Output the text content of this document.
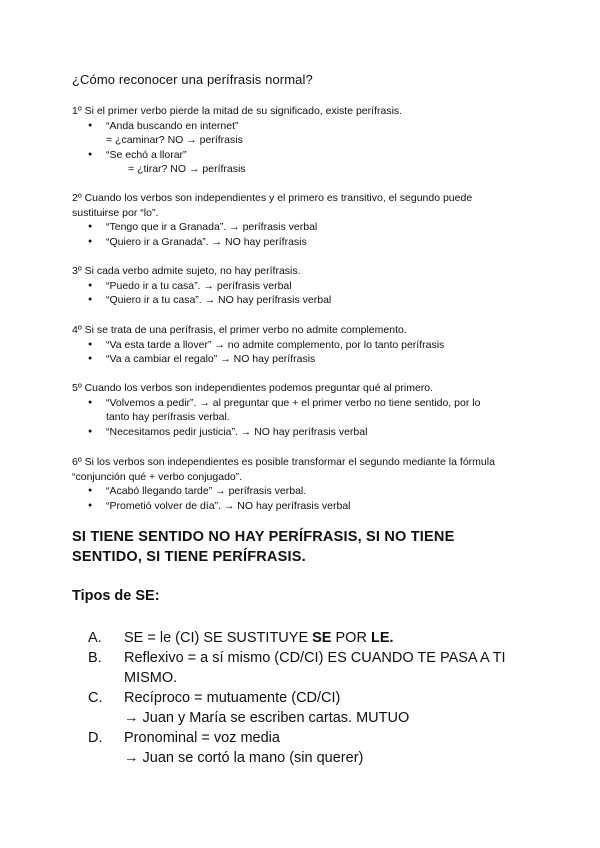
¿Cómo reconocer una perífrasis normal?

1º Si el primer verbo pierde la mitad de su significado, existe perífrasis.

● “Anda buscando en internet”
= ¿caminar? NO → perífrasis
● “Se echó a llorar”
= ¿tirar? NO → perífrasis

2º Cuando los verbos son independientes y el primero es transitivo, el segundo puede sustituirse por “lo”.

● “Tengo que ir a Granada”. → perífrasis verbal
● “Quiero ir a Granada”. → NO hay perífrasis

3º Si cada verbo admite sujeto, no hay perífrasis.

● “Puedo ir a tu casa”. → perífrasis verbal
● “Quiero ir a tu casa”. → NO hay perífrasis verbal

4º Si se trata de una perífrasis, el primer verbo no admite complemento.

● “Va esta tarde a llover” → no admite complemento, por lo tanto perífrasis
● “Va a cambiar el regalo” → NO hay perífrasis

5º Cuando los verbos son independientes podemos preguntar qué al primero.

● “Volvemos a pedir”. → al preguntar que + el primer verbo no tiene sentido, por lo tanto hay perífrasis verbal.
● “Necesitamos pedir justicia”. → NO hay perífrasis verbal

6º Si los verbos son independientes es posible transformar el segundo mediante la fórmula “conjunción qué + verbo conjugado”.

● “Acabó llegando tarde” → perífrasis verbal.
● “Prometió volver de día”. → NO hay perífrasis verbal
SI TIENE SENTIDO NO HAY PERÍFRASIS, SI NO TIENE SENTIDO, SI TIENE PERÍFRASIS.
Tipos de SE:
A. SE = le (CI) SE SUSTITUYE SE POR LE.
B.	Reflexivo = a sí mismo (CD/CI) ES CUANDO TE PASA A TI MISMO.
C.	Recíproco = mutuamente (CD/CI)
→ Juan y María se escriben cartas. MUTUO
D.	Pronominal = voz media
→ Juan se cortó la mano (sin querer)
